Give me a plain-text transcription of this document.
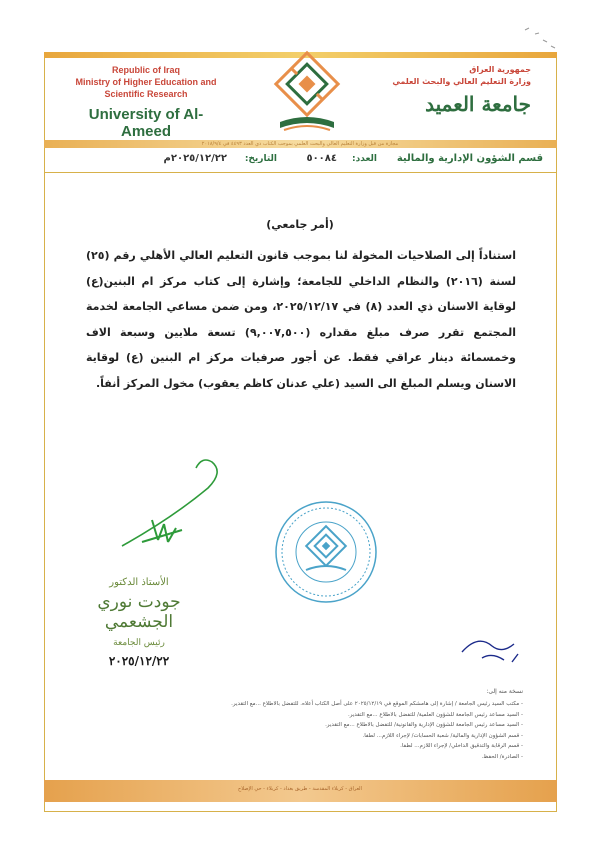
Republic of Iraq
Ministry of Higher Education and
Scientific Research
University of Al-Ameed
جمهورية العراق
وزارة التعليم العالي والبحث العلمي
جامعة العميد
مجازة من قبل وزارة التعليم العالي والبحث العلمي بموجب الكتاب ذي العدد ٤٤٩٣ في ٢٠١٨/٩/٤
قسم الشؤون الإدارية والمالية
العدد:
٥٠٠٨٤
التاريخ:
٢٠٢٥/١٢/٢٢م
(أمر جامعي)

استناداً إلى الصلاحيات المخولة لنا بموجب قانون التعليم العالي الأهلي رقم (٢٥) لسنة (٢٠١٦) والنظام الداخلي للجامعة؛ وإشارة إلى كتاب مركز ام البنين(ع) لوقاية الاسنان ذي العدد (٨) في ٢٠٢٥/١٢/١٧، ومن ضمن مساعي الجامعة لخدمة المجتمع تقرر صرف مبلغ مقداره (٩,٠٠٧,٥٠٠) تسعة ملايين وسبعة الاف وخمسمائة دينار عراقي فقط. عن أجور صرفيات مركز ام البنين (ع) لوقاية الاسنان ويسلم المبلغ الى السيد (علي عدنان كاظم يعقوب) مخول المركز أنفاً.

الأستاذ الدكتور
جودت نوري الجشعمي
رئيس الجامعة
٢٠٢٥/١٢/٢٢
نسخة منه إلى:
- مكتب السيد رئيس الجامعة / إشارة إلى هامشكم الموقع في ٢٠٢٥/١٢/١٩ على أصل الكتاب أعلاه. للتفضل بالاطلاع ...مع التقدير.
- السيد مساعد رئيس الجامعة للشؤون العلمية/ للتفضل بالاطلاع ...مع التقدير.
- السيد مساعد رئيس الجامعة للشؤون الإدارية والقانونية/ للتفضل بالاطلاع ...مع التقدير.
- قسم الشؤون الإدارية والمالية/ شعبة الحسابات/ لإجراء اللازم... لطفا.
- قسم الرقابة والتدقيق الداخلي/ لإجراء اللازم... لطفا.
- الصادرة/ الحفظ.
العراق - كربلاء المقدسة - طريق بغداد - كربلاء - حي الإصلاح
